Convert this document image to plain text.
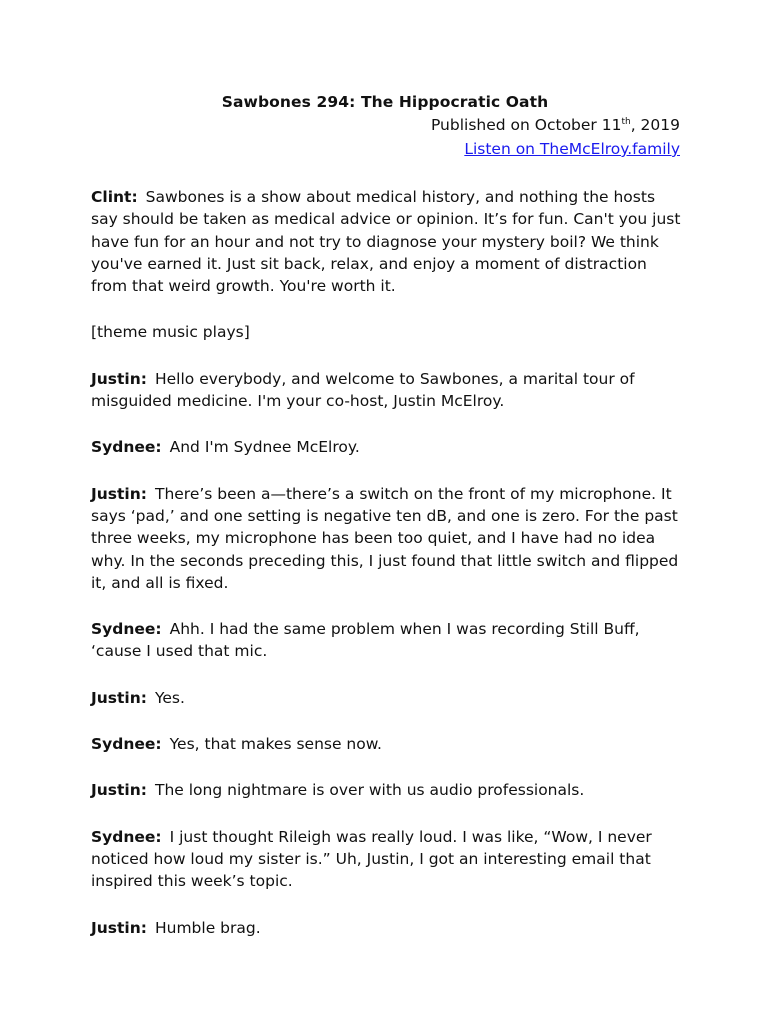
Sawbones 294: The Hippocratic Oath
Published on October 11th, 2019
Listen on TheMcElroy.family

Clint: Sawbones is a show about medical history, and nothing the hosts say should be taken as medical advice or opinion. It’s for fun. Can't you just have fun for an hour and not try to diagnose your mystery boil? We think you've earned it. Just sit back, relax, and enjoy a moment of distraction from that weird growth. You're worth it.

[theme music plays]

Justin: Hello everybody, and welcome to Sawbones, a marital tour of misguided medicine. I'm your co-host, Justin McElroy.

Sydnee: And I'm Sydnee McElroy.

Justin: There’s been a—there’s a switch on the front of my microphone. It says ‘pad,’ and one setting is negative ten dB, and one is zero. For the past three weeks, my microphone has been too quiet, and I have had no idea why. In the seconds preceding this, I just found that little switch and flipped it, and all is fixed.

Sydnee: Ahh. I had the same problem when I was recording Still Buff, ‘cause I used that mic.

Justin: Yes.

Sydnee: Yes, that makes sense now.

Justin: The long nightmare is over with us audio professionals.

Sydnee: I just thought Rileigh was really loud. I was like, “Wow, I never noticed how loud my sister is.” Uh, Justin, I got an interesting email that inspired this week’s topic.

Justin: Humble brag.
